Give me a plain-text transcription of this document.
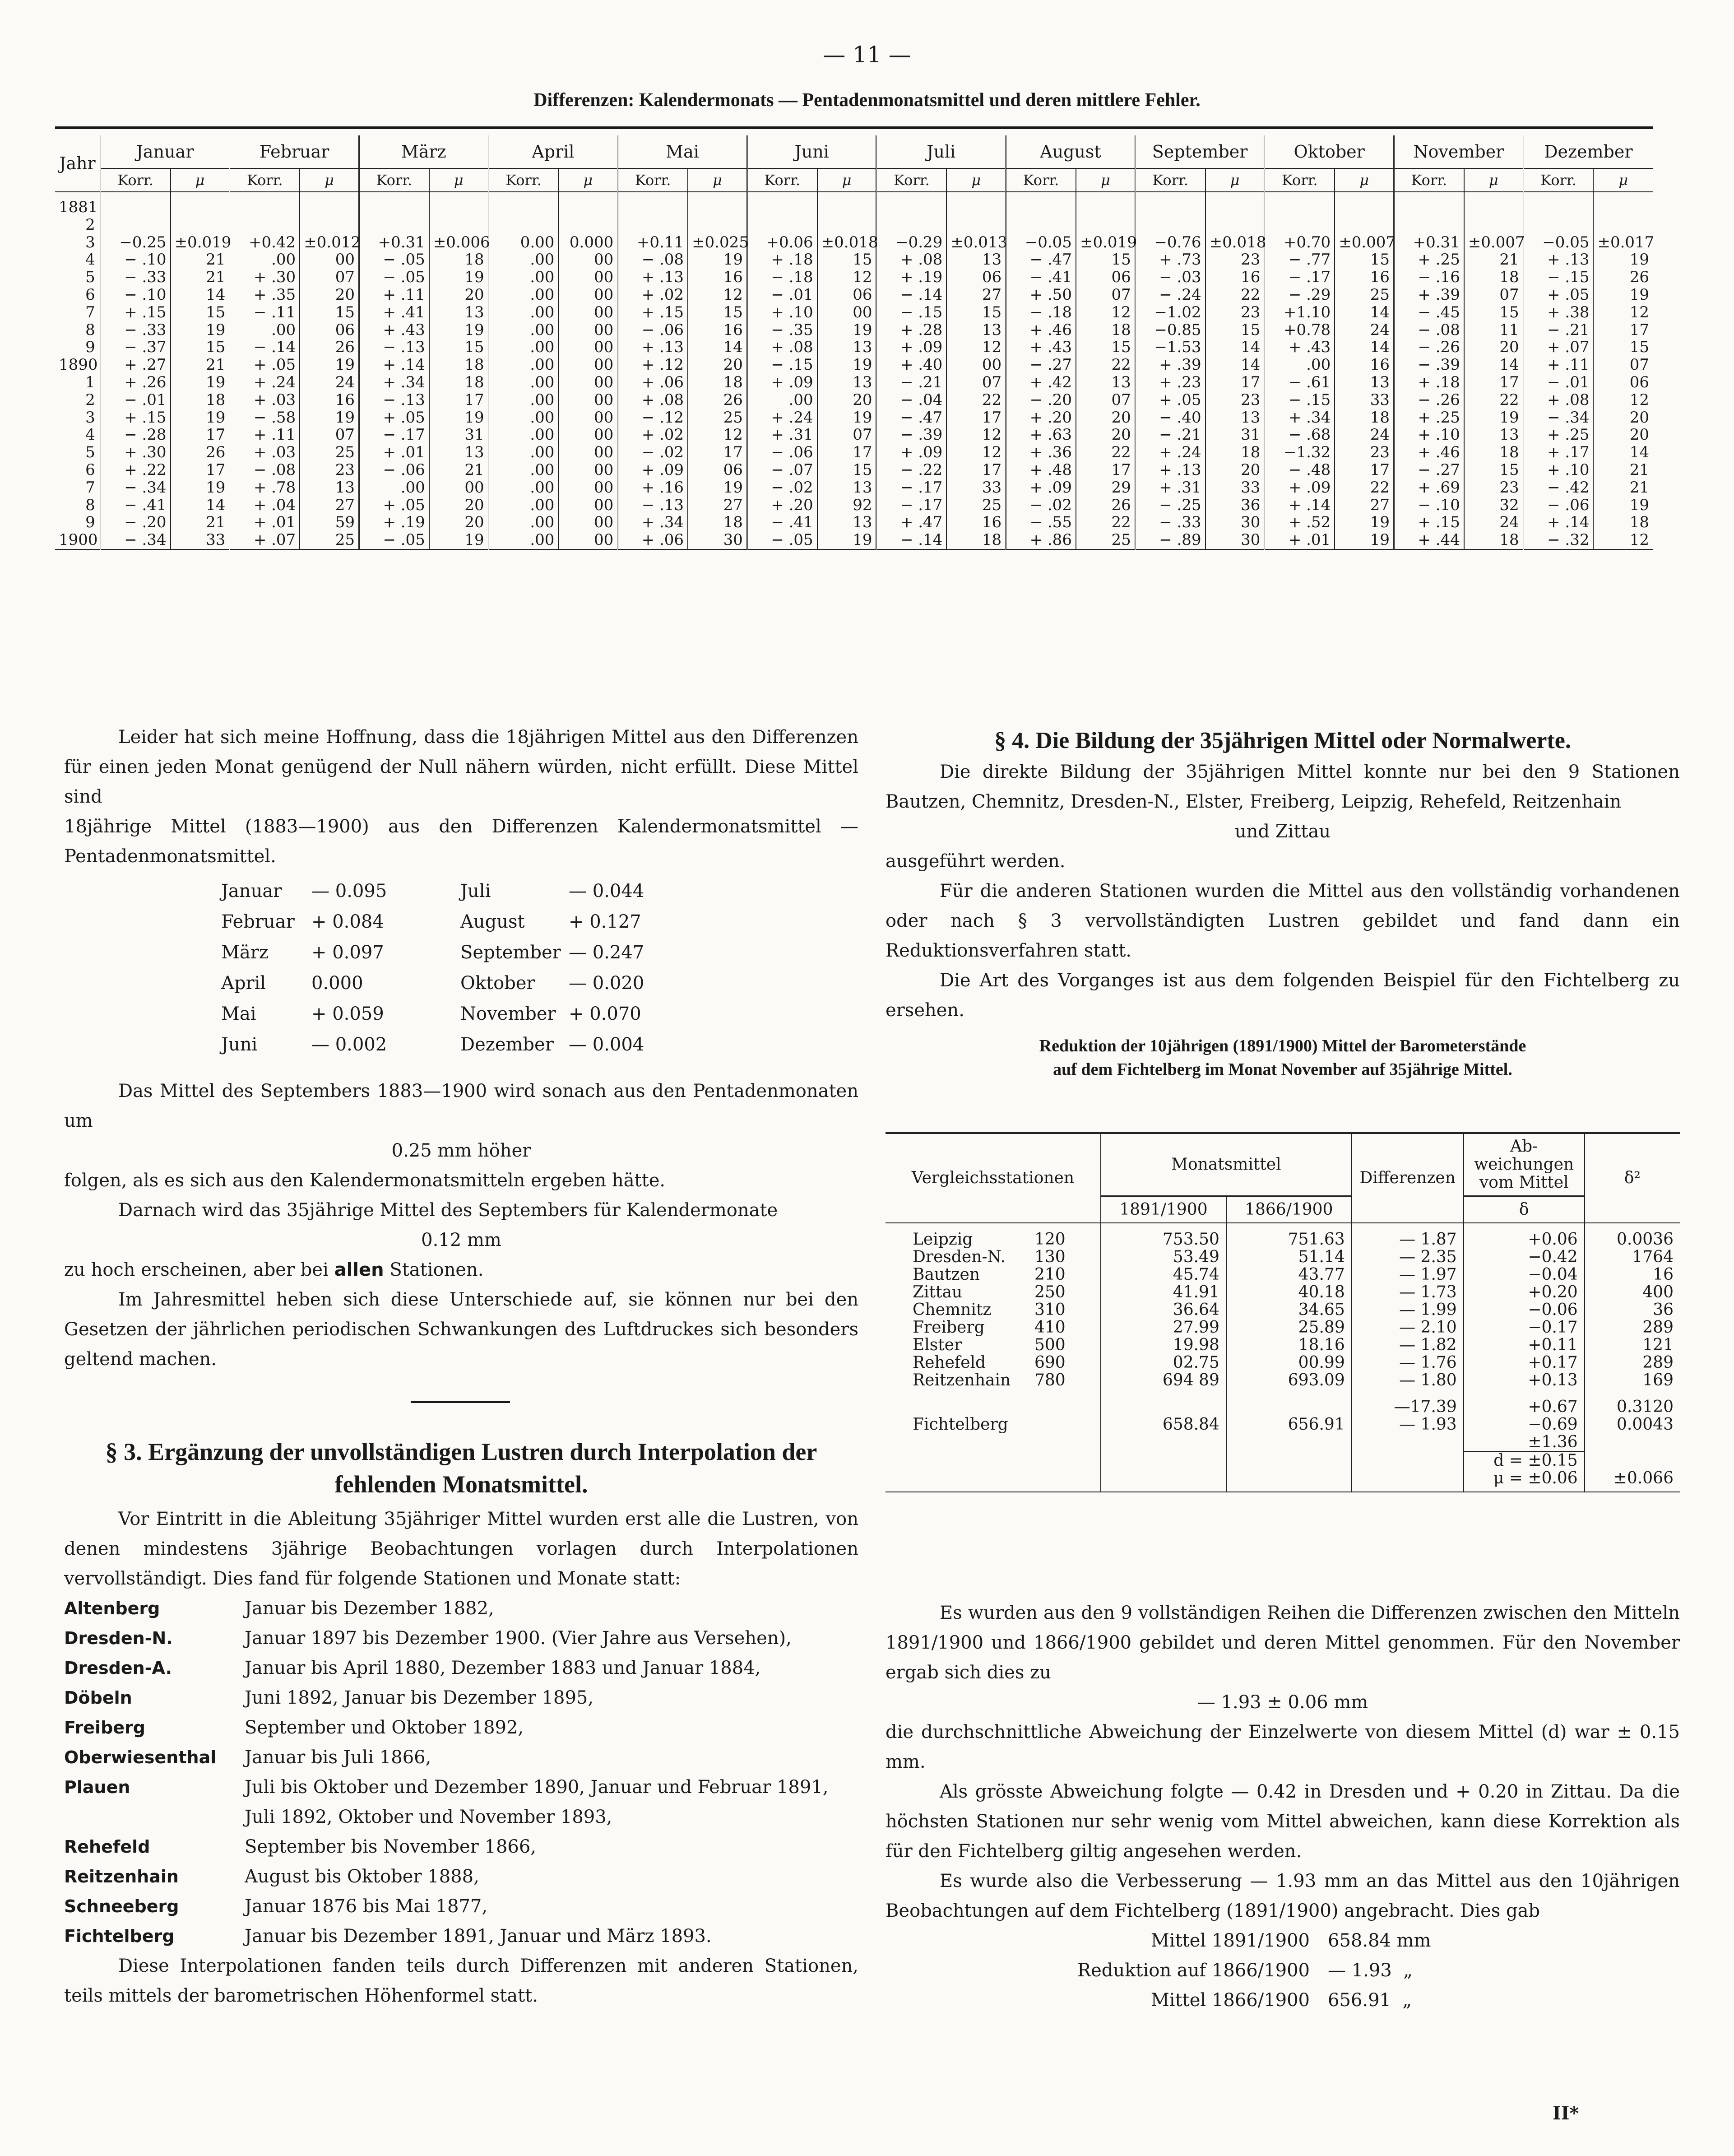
— 11 —
Differenzen: Kalendermonats — Pentadenmonatsmittel und deren mittlere Fehler.
Jahr	Januar		Februar		März		April		Mai		Juni		Juli		August		September		Oktober		November		Dezember	
	Korr.	μ	Korr.	μ	Korr.	μ	Korr.	μ	Korr.	μ	Korr.	μ	Korr.	μ	Korr.	μ	Korr.	μ	Korr.	μ	Korr.	μ	Korr.	μ
1881																								
2																								
3	−0.25	±0.019	+0.42	±0.012	+0.31	±0.006	0.00	0.000	+0.11	±0.025	+0.06	±0.018	−0.29	±0.013	−0.05	±0.019	−0.76	±0.018	+0.70	±0.007	+0.31	±0.007	−0.05	±0.017
4	− .10	21	.00	00	− .05	18	.00	00	− .08	19	+ .18	15	+ .08	13	− .47	15	+ .73	23	− .77	15	+ .25	21	+ .13	19
5	− .33	21	+ .30	07	− .05	19	.00	00	+ .13	16	− .18	12	+ .19	06	− .41	06	− .03	16	− .17	16	− .16	18	− .15	26
6	− .10	14	+ .35	20	+ .11	20	.00	00	+ .02	12	− .01	06	− .14	27	+ .50	07	− .24	22	− .29	25	+ .39	07	+ .05	19
7	+ .15	15	− .11	15	+ .41	13	.00	00	+ .15	15	+ .10	00	− .15	15	− .18	12	−1.02	23	+1.10	14	− .45	15	+ .38	12
8	− .33	19	.00	06	+ .43	19	.00	00	− .06	16	− .35	19	+ .28	13	+ .46	18	−0.85	15	+0.78	24	− .08	11	− .21	17
9	− .37	15	− .14	26	− .13	15	.00	00	+ .13	14	+ .08	13	+ .09	12	+ .43	15	−1.53	14	+ .43	14	− .26	20	+ .07	15
1890	+ .27	21	+ .05	19	+ .14	18	.00	00	+ .12	20	− .15	19	+ .40	00	− .27	22	+ .39	14	.00	16	− .39	14	+ .11	07
1	+ .26	19	+ .24	24	+ .34	18	.00	00	+ .06	18	+ .09	13	− .21	07	+ .42	13	+ .23	17	− .61	13	+ .18	17	− .01	06
2	− .01	18	+ .03	16	− .13	17	.00	00	+ .08	26	.00	20	− .04	22	− .20	07	+ .05	23	− .15	33	− .26	22	+ .08	12
3	+ .15	19	− .58	19	+ .05	19	.00	00	− .12	25	+ .24	19	− .47	17	+ .20	20	− .40	13	+ .34	18	+ .25	19	− .34	20
4	− .28	17	+ .11	07	− .17	31	.00	00	+ .02	12	+ .31	07	− .39	12	+ .63	20	− .21	31	− .68	24	+ .10	13	+ .25	20
5	+ .30	26	+ .03	25	+ .01	13	.00	00	− .02	17	− .06	17	+ .09	12	+ .36	22	+ .24	18	−1.32	23	+ .46	18	+ .17	14
6	+ .22	17	− .08	23	− .06	21	.00	00	+ .09	06	− .07	15	− .22	17	+ .48	17	+ .13	20	− .48	17	− .27	15	+ .10	21
7	− .34	19	+ .78	13	.00	00	.00	00	+ .16	19	− .02	13	− .17	33	+ .09	29	+ .31	33	+ .09	22	+ .69	23	− .42	21
8	− .41	14	+ .04	27	+ .05	20	.00	00	− .13	27	+ .20	92	− .17	25	− .02	26	− .25	36	+ .14	27	− .10	32	− .06	19
9	− .20	21	+ .01	59	+ .19	20	.00	00	+ .34	18	− .41	13	+ .47	16	− .55	22	− .33	30	+ .52	19	+ .15	24	+ .14	18
1900	− .34	33	+ .07	25	− .05	19	.00	00	+ .06	30	− .05	19	− .14	18	+ .86	25	− .89	30	+ .01	19	+ .44	18	− .32	12

Leider hat sich meine Hoffnung, dass die 18jährigen Mittel aus den Differenzen für einen jeden Monat genügend der Null nähern würden, nicht erfüllt. Diese Mittel sind

18jährige Mittel (1883—1900) aus den Differenzen Kalendermonatsmittel — Pentadenmonatsmittel.

Januar	— 0.095	Juli	— 0.044
Februar + 0.084	August	+ 0.127
März	+ 0.097	September — 0.247
April	0.000	Oktober	— 0.020
Mai	+ 0.059	November + 0.070
Juni	— 0.002	Dezember — 0.004

Das Mittel des Septembers 1883—1900 wird sonach aus den Pentadenmonaten um

0.25 mm höher

folgen, als es sich aus den Kalendermonatsmitteln ergeben hätte.

Darnach wird das 35jährige Mittel des Septembers für Kalendermonate

0.12 mm

zu hoch erscheinen, aber bei allen Stationen.

Im Jahresmittel heben sich diese Unterschiede auf, sie können nur bei den Gesetzen der jährlichen periodischen Schwankungen des Luftdruckes sich besonders geltend machen.

§ 3. Ergänzung der unvollständigen Lustren durch Interpolation der fehlenden Monatsmittel.

Vor Eintritt in die Ableitung 35jähriger Mittel wurden erst alle die Lustren, von denen mindestens 3jährige Beobachtungen vorlagen durch Interpolationen vervollständigt. Dies fand für folgende Stationen und Monate statt:

Altenberg	Januar bis Dezember 1882,
Dresden-N.	Januar 1897 bis Dezember 1900. (Vier Jahre aus Versehen),
Dresden-A.	Januar bis April 1880, Dezember 1883 und Januar 1884,
Döbeln	Juni 1892, Januar bis Dezember 1895,
Freiberg	September und Oktober 1892,
Oberwiesenthal	Januar bis Juli 1866,
Plauen	Juli bis Oktober und Dezember 1890, Januar und Februar 1891, Juli 1892, Oktober und November 1893,
Rehefeld	September bis November 1866,
Reitzenhain	August bis Oktober 1888,
Schneeberg	Januar 1876 bis Mai 1877,
Fichtelberg	Januar bis Dezember 1891, Januar und März 1893.

Diese Interpolationen fanden teils durch Differenzen mit anderen Stationen, teils mittels der barometrischen Höhenformel statt.

§ 4. Die Bildung der 35jährigen Mittel oder Normalwerte.

Die direkte Bildung der 35jährigen Mittel konnte nur bei den 9 Stationen Bautzen, Chemnitz, Dresden-N., Elster, Freiberg, Leipzig, Rehefeld, Reitzenhain

und Zittau

ausgeführt werden.

Für die anderen Stationen wurden die Mittel aus den vollständig vorhandenen oder nach § 3 vervollständigten Lustren gebildet und fand dann ein Reduktionsverfahren statt.

Die Art des Vorganges ist aus dem folgenden Beispiel für den Fichtelberg zu ersehen.

Reduktion der 10jährigen (1891/1900) Mittel der Barometerstände
auf dem Fichtelberg im Monat November auf 35jährige Mittel.
Vergleichsstationen	Monatsmittel		Differenzen	Ab-weichungen vom Mittel	δ²
	1891/1900	1866/1900		δ	

Leipzig 120	753.50	751.63	— 1.87	+0.06	0.0036
Dresden-N. 130	53.49	51.14	— 2.35	−0.42	1764
Bautzen 210	45.74	43.77	— 1.97	−0.04	16
Zittau 250	41.91	40.18	— 1.73	+0.20	400
Chemnitz 310	36.64	34.65	— 1.99	−0.06	36
Freiberg 410	27.99	25.89	— 2.10	−0.17	289
Elster 500	19.98	18.16	— 1.82	+0.11	121
Rehefeld 690	02.75	00.99	— 1.76	+0.17	289
Reitzenhain 780	694 89	693.09	— 1.80	+0.13	169
			—17.39	+0.67	0.3120
Fichtelberg	658.84	656.91	— 1.93	−0.69	0.0043
				±1.36	
				d = ±0.15	
				μ = ±0.06	±0.066

Es wurden aus den 9 vollständigen Reihen die Differenzen zwischen den Mitteln 1891/1900 und 1866/1900 gebildet und deren Mittel genommen. Für den November ergab sich dies zu

— 1.93 ± 0.06 mm

die durchschnittliche Abweichung der Einzelwerte von diesem Mittel (d) war ± 0.15 mm.

Als grösste Abweichung folgte — 0.42 in Dresden und + 0.20 in Zittau. Da die höchsten Stationen nur sehr wenig vom Mittel abweichen, kann diese Korrektion als für den Fichtelberg giltig angesehen werden.

Es wurde also die Verbesserung — 1.93 mm an das Mittel aus den 10jährigen Beobachtungen auf dem Fichtelberg (1891/1900) angebracht. Dies gab

Mittel 1891/1900	658.84 mm
Reduktion auf 1866/1900	— 1.93  „
Mittel 1866/1900	656.91  „
II*
